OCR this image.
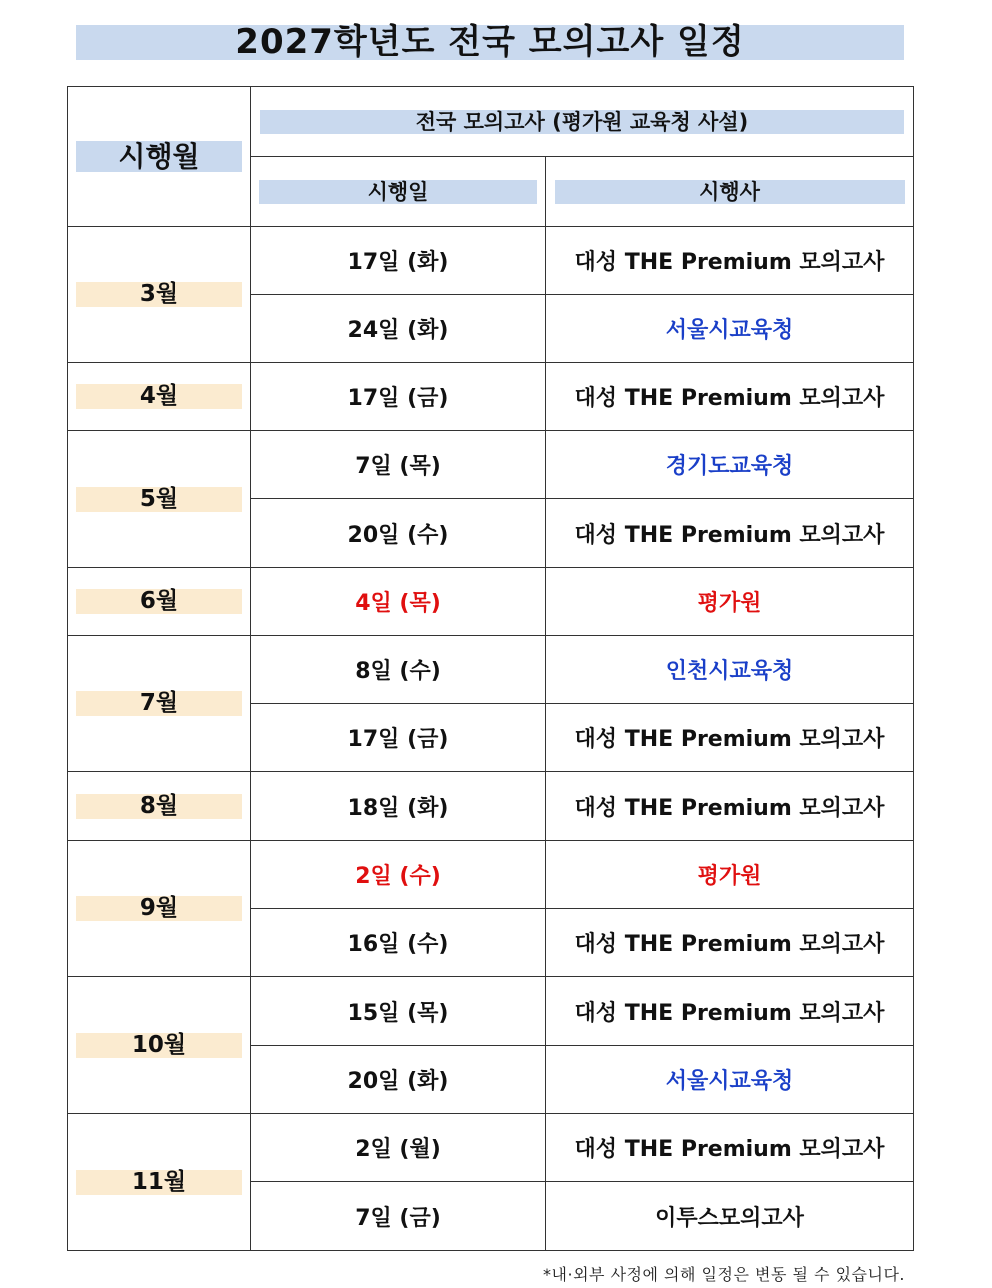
2027학년도 전국 모의고사 일정
시행월	전국 모의고사 (평가원 교육청 사설)	

	시행일	시행사

3월	17일 (화)	대성 THE Premium 모의고사
	24일 (화)	서울시교육청

4월	17일 (금)	대성 THE Premium 모의고사

5월	7일 (목)	경기도교육청
	20일 (수)	대성 THE Premium 모의고사

6월	4일 (목)	평가원

7월	8일 (수)	인천시교육청
	17일 (금)	대성 THE Premium 모의고사

8월	18일 (화)	대성 THE Premium 모의고사

9월	2일 (수)	평가원
	16일 (수)	대성 THE Premium 모의고사

10월	15일 (목)	대성 THE Premium 모의고사
	20일 (화)	서울시교육청

11월	2일 (월)	대성 THE Premium 모의고사
	7일 (금)	이투스모의고사
*내·외부 사정에 의해 일정은 변동 될 수 있습니다.
